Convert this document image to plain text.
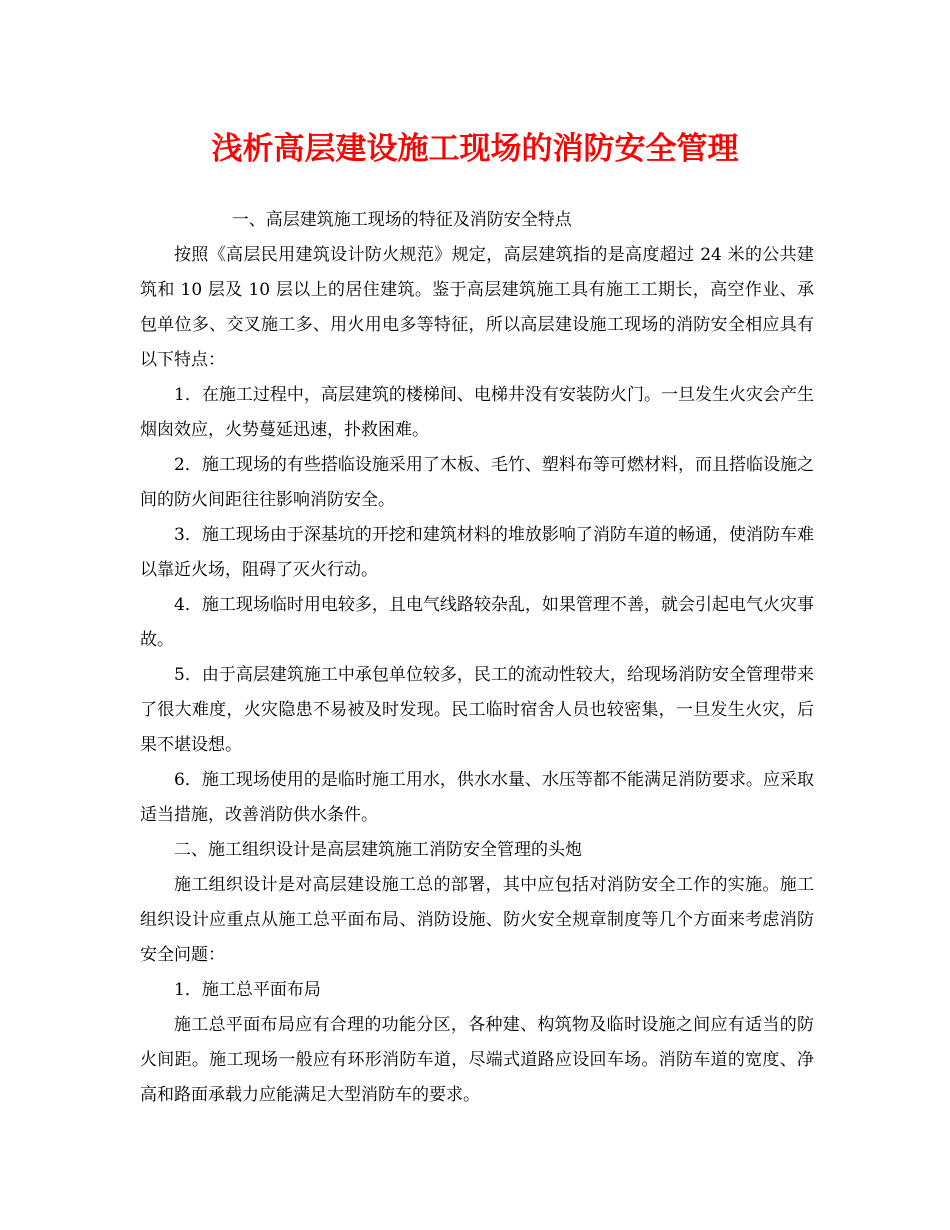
浅析高层建设施工现场的消防安全管理

一、高层建筑施工现场的特征及消防安全特点

按照《高层民用建筑设计防火规范》规定，高层建筑指的是高度超过 24 米的公共建筑和 10 层及 10 层以上的居住建筑。鉴于高层建筑施工具有施工工期长，高空作业、承包单位多、交叉施工多、用火用电多等特征，所以高层建设施工现场的消防安全相应具有以下特点：

1．在施工过程中，高层建筑的楼梯间、电梯井没有安装防火门。一旦发生火灾会产生烟囱效应，火势蔓延迅速，扑救困难。

2．施工现场的有些搭临设施采用了木板、毛竹、塑料布等可燃材料，而且搭临设施之间的防火间距往往影响消防安全。

3．施工现场由于深基坑的开挖和建筑材料的堆放影响了消防车道的畅通，使消防车难以靠近火场，阻碍了灭火行动。

4．施工现场临时用电较多，且电气线路较杂乱，如果管理不善，就会引起电气火灾事故。

5．由于高层建筑施工中承包单位较多，民工的流动性较大，给现场消防安全管理带来了很大难度，火灾隐患不易被及时发现。民工临时宿舍人员也较密集，一旦发生火灾，后果不堪设想。

6．施工现场使用的是临时施工用水，供水水量、水压等都不能满足消防要求。应采取适当措施，改善消防供水条件。

二、施工组织设计是高层建筑施工消防安全管理的头炮

施工组织设计是对高层建设施工总的部署，其中应包括对消防安全工作的实施。施工组织设计应重点从施工总平面布局、消防设施、防火安全规章制度等几个方面来考虑消防安全问题：

1．施工总平面布局

施工总平面布局应有合理的功能分区，各种建、构筑物及临时设施之间应有适当的防火间距。施工现场一般应有环形消防车道，尽端式道路应设回车场。消防车道的宽度、净高和路面承载力应能满足大型消防车的要求。
